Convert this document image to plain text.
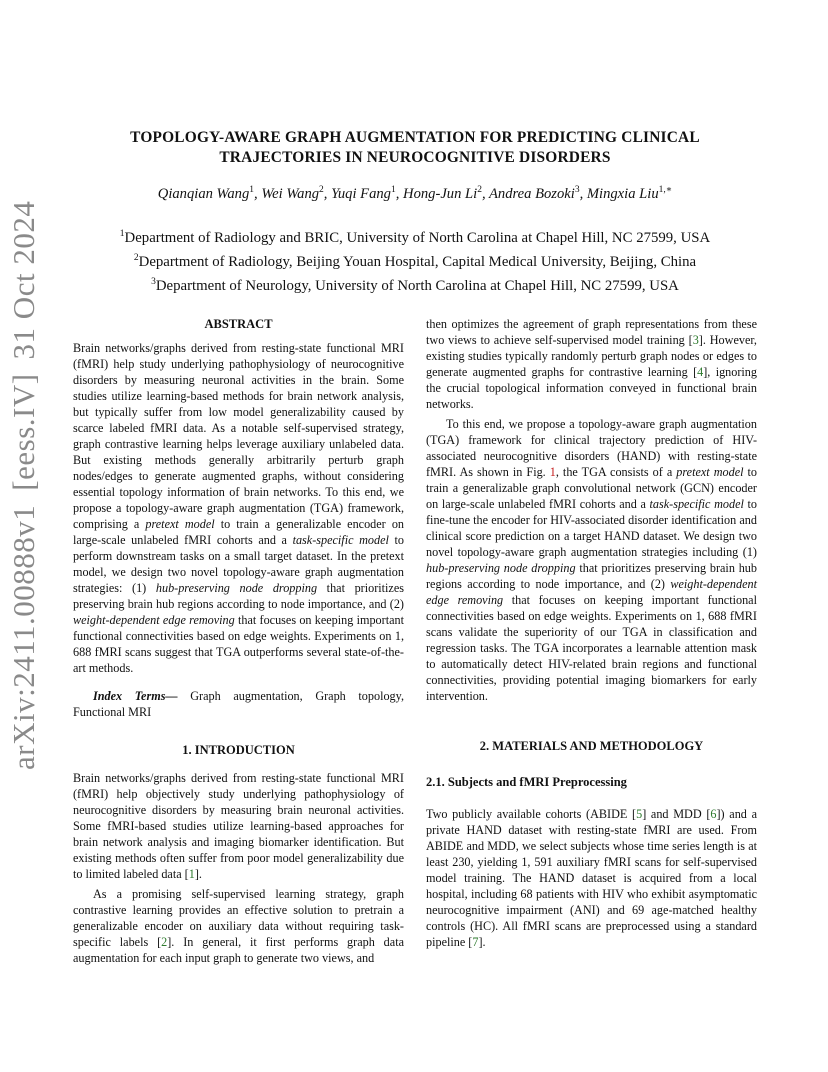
arXiv:2411.00888v1[eess.IV]31 Oct 2024
TOPOLOGY-AWARE GRAPH AUGMENTATION FOR PREDICTING CLINICAL
TRAJECTORIES IN NEUROCOGNITIVE DISORDERS
Qianqian Wang$^1$, Wei Wang$^2$, Yuqi Fang$^1$, Hong-Jun Li$^2$, Andrea Bozoki$^3$, Mingxia Liu$^{1,∗}$
$^1$Department of Radiology and BRIC, University of North Carolina at Chapel Hill, NC 27599, USA
$^2$Department of Radiology, Beijing Youan Hospital, Capital Medical University, Beijing, China
$^3$Department of Neurology, University of North Carolina at Chapel Hill, NC 27599, USA
ABSTRACT

Brain networks/graphs derived from resting-state functional MRI (fMRI) help study underlying pathophysiology of neurocognitive disorders by measuring neuronal activities in the brain. Some studies utilize learning-based methods for brain network analysis, but typically suffer from low model generalizability caused by scarce labeled fMRI data. As a notable self-supervised strategy, graph contrastive learning helps leverage auxiliary unlabeled data. But existing methods generally arbitrarily perturb graph nodes/edges to generate augmented graphs, without considering essential topology information of brain networks. To this end, we propose a topology-aware graph augmentation (TGA) framework, comprising a pretext model to train a generalizable encoder on large-scale unlabeled fMRI cohorts and a task-specific model to perform downstream tasks on a small target dataset. In the pretext model, we design two novel topology-aware graph augmentation strategies: (1) hub-preserving node dropping that prioritizes preserving brain hub regions according to node importance, and (2) weight-dependent edge removing that focuses on keeping important functional connectivities based on edge weights. Experiments on 1, 688 fMRI scans suggest that TGA outperforms several state-of-the-art methods.

Index Terms— Graph augmentation, Graph topology, Functional MRI

1. INTRODUCTION

Brain networks/graphs derived from resting-state functional MRI (fMRI) help objectively study underlying pathophysiology of neurocognitive disorders by measuring brain neuronal activities. Some fMRI-based studies utilize learning-based approaches for brain network analysis and imaging biomarker identification. But existing methods often suffer from poor model generalizability due to limited labeled data [1].

As a promising self-supervised learning strategy, graph contrastive learning provides an effective solution to pretrain a generalizable encoder on auxiliary data without requiring task-specific labels [2]. In general, it first performs graph data augmentation for each input graph to generate two views, and

then optimizes the agreement of graph representations from these two views to achieve self-supervised model training [3]. However, existing studies typically randomly perturb graph nodes or edges to generate augmented graphs for contrastive learning [4], ignoring the crucial topological information conveyed in functional brain networks.

To this end, we propose a topology-aware graph augmentation (TGA) framework for clinical trajectory prediction of HIV-associated neurocognitive disorders (HAND) with resting-state fMRI. As shown in Fig. 1, the TGA consists of a pretext model to train a generalizable graph convolutional network (GCN) encoder on large-scale unlabeled fMRI cohorts and a task-specific model to fine-tune the encoder for HIV-associated disorder identification and clinical score prediction on a target HAND dataset. We design two novel topology-aware graph augmentation strategies including (1) hub-preserving node dropping that prioritizes preserving brain hub regions according to node importance, and (2) weight-dependent edge removing that focuses on keeping important functional connectivities based on edge weights. Experiments on 1, 688 fMRI scans validate the superiority of our TGA in classification and regression tasks. The TGA incorporates a learnable attention mask to automatically detect HIV-related brain regions and functional connectivities, providing potential imaging biomarkers for early intervention.

2. MATERIALS AND METHODOLOGY
2.1. Subjects and fMRI Preprocessing

Two publicly available cohorts (ABIDE [5] and MDD [6]) and a private HAND dataset with resting-state fMRI are used. From ABIDE and MDD, we select subjects whose time series length is at least 230, yielding 1, 591 auxiliary fMRI scans for self-supervised model training. The HAND dataset is acquired from a local hospital, including 68 patients with HIV who exhibit asymptomatic neurocognitive impairment (ANI) and 69 age-matched healthy controls (HC). All fMRI scans are preprocessed using a standard pipeline [7].
